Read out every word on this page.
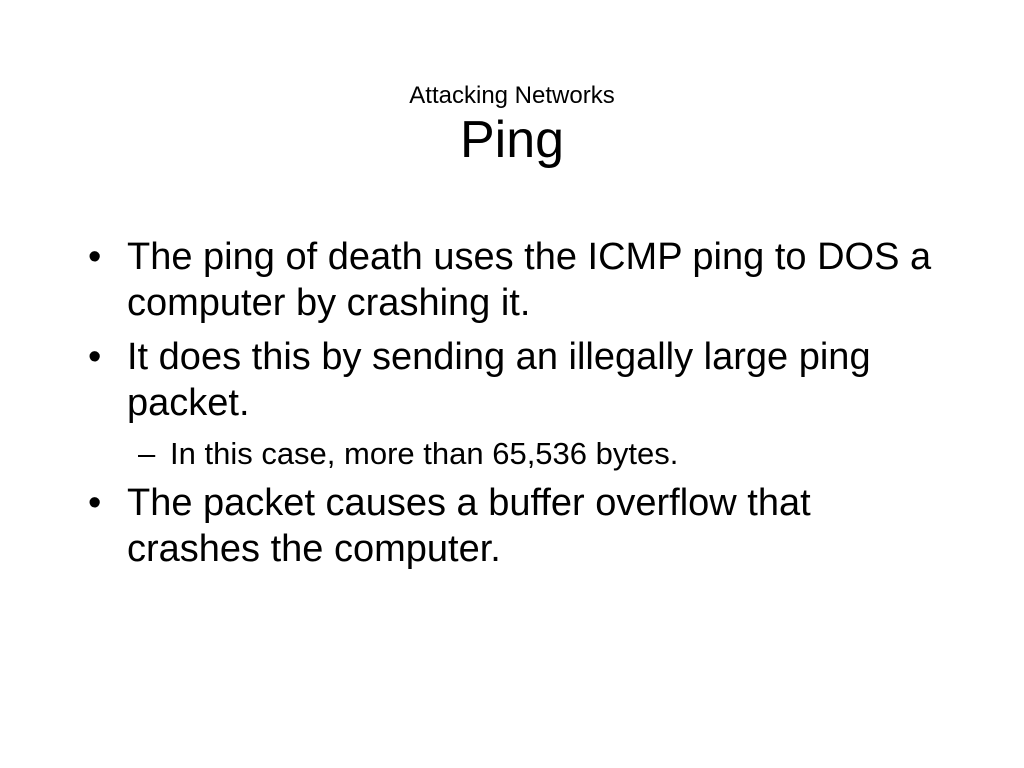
Attacking Networks
Ping
• The ping of death uses the ICMP ping to DOS a computer by crashing it.
• It does this by sending an illegally large ping packet.
– In this case, more than 65,536 bytes.
• The packet causes a buffer overflow that crashes the computer.
